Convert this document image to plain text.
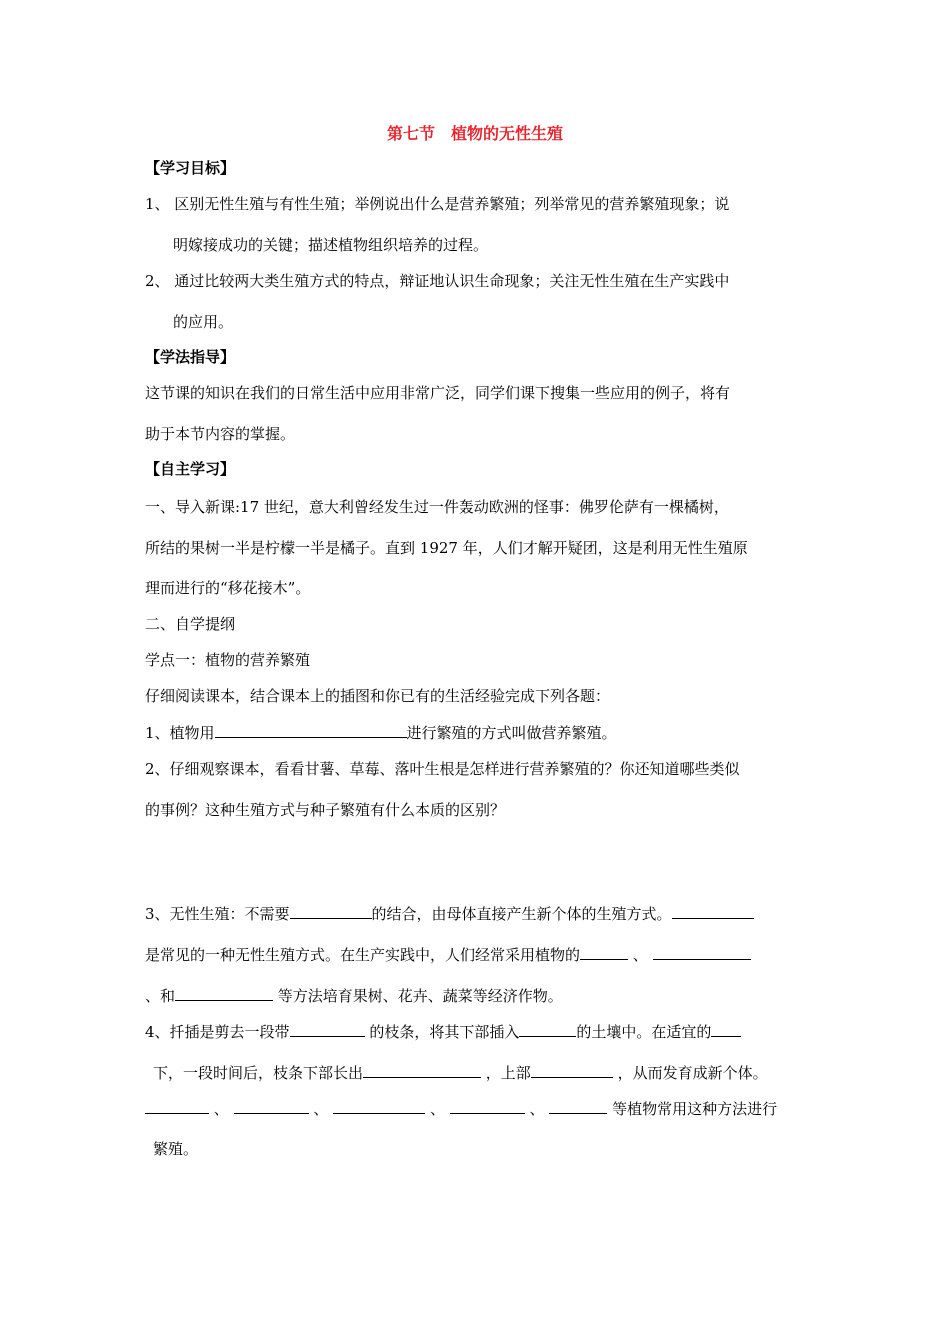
第七节　植物的无性生殖
【学习目标】
1、 区别无性生殖与有性生殖；举例说出什么是营养繁殖；列举常见的营养繁殖现象；说
明嫁接成功的关键；描述植物组织培养的过程。
2、 通过比较两大类生殖方式的特点，辩证地认识生命现象；关注无性生殖在生产实践中
的应用。
【学法指导】
这节课的知识在我们的日常生活中应用非常广泛，同学们课下搜集一些应用的例子，将有
助于本节内容的掌握。
【自主学习】
一、导入新课:17 世纪，意大利曾经发生过一件轰动欧洲的怪事：佛罗伦萨有一棵橘树，
所结的果树一半是柠檬一半是橘子。直到 1927 年，人们才解开疑团，这是利用无性生殖原
理而进行的“移花接木”。
二、自学提纲
学点一：植物的营养繁殖
仔细阅读课本，结合课本上的插图和你已有的生活经验完成下列各题：
1、植物用	进行繁殖的方式叫做营养繁殖。
2、仔细观察课本，看看甘薯、草莓、落叶生根是怎样进行营养繁殖的？你还知道哪些类似
的事例？这种生殖方式与种子繁殖有什么本质的区别？
3、无性生殖：不需要	的结合，由母体直接产生新个体的生殖方式。
是常见的一种无性生殖方式。在生产实践中，人们经常采用植物的	、
、和	等方法培育果树、花卉、蔬菜等经济作物。
4、扦插是剪去一段带	的枝条，将其下部插入	的土壤中。在适宜的
下，一段时间后，枝条下部长出	，上部	，从而发育成新个体。
、	、	、	、	等植物常用这种方法进行
繁殖。
